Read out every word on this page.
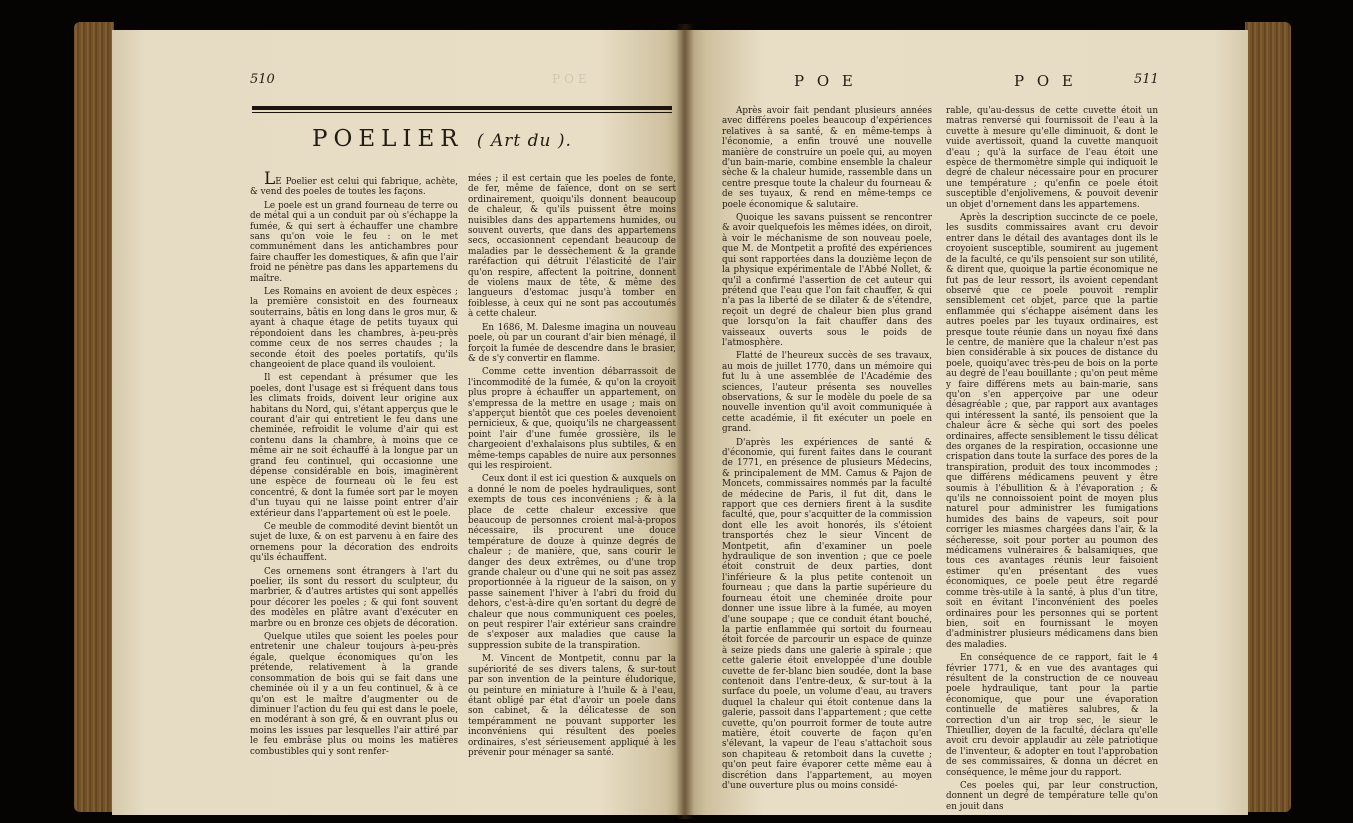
510	POE
POELIER ( Art du ).

LE Poelier est celui qui fabrique, achète, & vend des poeles de toutes les façons.

Le poele est un grand fourneau de terre ou de métal qui a un conduit par où s'échappe la fumée, & qui sert à échauffer une chambre sans qu'on voie le feu : on le met communément dans les antichambres pour faire chauffer les domestiques, & afin que l'air froid ne pénètre pas dans les appartemens du maître.

Les Romains en avoient de deux espèces ; la première consistoit en des fourneaux souterrains, bâtis en long dans le gros mur, & ayant à chaque étage de petits tuyaux qui répondoient dans les chambres, à-peu-près comme ceux de nos serres chaudes ; la seconde étoit des poeles portatifs, qu'ils changeoient de place quand ils vouloient.

Il est cependant à présumer que les poeles, dont l'usage est si fréquent dans tous les climats froids, doivent leur origine aux habitans du Nord, qui, s'étant apperçus que le courant d'air qui entretient le feu dans une cheminée, refroidit le volume d'air qui est contenu dans la chambre, à moins que ce même air ne soit échauffé à la longue par un grand feu continuel, qui occasionne une dépense considérable en bois, imaginèrent une espèce de fourneau où le feu est concentré, & dont la fumée sort par le moyen d'un tuyau qui ne laisse point entrer d'air extérieur dans l'appartement où est le poele.

Ce meuble de commodité devint bientôt un sujet de luxe, & on est parvenu à en faire des ornemens pour la décoration des endroits qu'ils échauffent.

Ces ornemens sont étrangers à l'art du poelier, ils sont du ressort du sculpteur, du marbrier, & d'autres artistes qui sont appellés pour décorer les poeles ; & qui font souvent des modèles en plâtre avant d'exécuter en marbre ou en bronze ces objets de décoration.

Quelque utiles que soient les poeles pour entretenir une chaleur toujours à-peu-près égale, quelque économiques qu'on les prétende, relativement à la grande consommation de bois qui se fait dans une cheminée où il y a un feu continuel, & à ce qu'on est le maître d'augmenter ou de diminuer l'action du feu qui est dans le poele, en modérant à son gré, & en ouvrant plus ou moins les issues par lesquelles l'air attiré par le feu embrâse plus ou moins les matières combustibles qui y sont renfer-

mées ; il est certain que les poeles de fonte, de fer, même de faïence, dont on se sert ordinairement, quoiqu'ils donnent beaucoup de chaleur, & qu'ils puissent être moins nuisibles dans des appartemens humides, ou souvent ouverts, que dans des appartemens secs, occasionnent cependant beaucoup de maladies par le dessèchement & la grande raréfaction qui détruit l'élasticité de l'air qu'on respire, affectent la poitrine, donnent de violens maux de tête, & même des langueurs d'estomac jusqu'à tomber en foiblesse, à ceux qui ne sont pas accoutumés à cette chaleur.

En 1686, M. Dalesme imagina un nouveau poele, où par un courant d'air bien ménagé, il forçoit la fumée de descendre dans le brasier, & de s'y convertir en flamme.

Comme cette invention débarrassoit de l'incommodité de la fumée, & qu'on la croyoit plus propre à échauffer un appartement, on s'empressa de la mettre en usage ; mais on s'apperçut bientôt que ces poeles devenoient pernicieux, & que, quoiqu'ils ne chargeassent point l'air d'une fumée grossière, ils le chargeoient d'exhalaisons plus subtiles, & en même-temps capables de nuire aux personnes qui les respiroient.

Ceux dont il est ici question & auxquels on a donné le nom de poeles hydrauliques, sont exempts de tous ces inconvéniens ; & à la place de cette chaleur excessive que beaucoup de personnes croient mal-à-propos nécessaire, ils procurent une douce température de douze à quinze degrés de chaleur ; de manière, que, sans courir le danger des deux extrêmes, ou d'une trop grande chaleur ou d'une qui ne soit pas assez proportionnée à la rigueur de la saison, on y passe sainement l'hiver à l'abri du froid du dehors, c'est-à-dire qu'en sortant du degré de chaleur que nous communiquent ces poeles, on peut respirer l'air extérieur sans craindre de s'exposer aux maladies que cause la suppression subite de la transpiration.

M. Vincent de Montpetit, connu par la supériorité de ses divers talens, & sur-tout par son invention de la peinture éludorique, ou peinture en miniature à l'huile & à l'eau, étant obligé par état d'avoir un poele dans son cabinet, & la délicatesse de son tempéramment ne pouvant supporter les inconvéniens qui résultent des poeles ordinaires, s'est sérieusement appliqué à les prévenir pour ménager sa santé.

P O E	P O E	511

Après avoir fait pendant plusieurs années avec différens poeles beaucoup d'expériences relatives à sa santé, & en même-temps à l'économie, a enfin trouvé une nouvelle manière de construire un poele qui, au moyen d'un bain-marie, combine ensemble la chaleur sèche & la chaleur humide, rassemble dans un centre presque toute la chaleur du fourneau & de ses tuyaux, & rend en même-temps ce poele économique & salutaire.

Quoique les savans puissent se rencontrer & avoir quelquefois les mêmes idées, on diroit, à voir le méchanisme de son nouveau poele, que M. de Montpetit a profité des expériences qui sont rapportées dans la douzième leçon de la physique expérimentale de l'Abbé Nollet, & qu'il a confirmé l'assertion de cet auteur qui prétend que l'eau que l'on fait chauffer, & qui n'a pas la liberté de se dilater & de s'étendre, reçoit un degré de chaleur bien plus grand que lorsqu'on la fait chauffer dans des vaisseaux ouverts sous le poids de l'atmosphère.

Flatté de l'heureux succès de ses travaux, au mois de juillet 1770, dans un mémoire qui fut lu à une assemblée de l'Académie des sciences, l'auteur présenta ses nouvelles observations, & sur le modèle du poele de sa nouvelle invention qu'il avoit communiquée à cette académie, il fit exécuter un poele en grand.

D'après les expériences de santé & d'économie, qui furent faites dans le courant de 1771, en présence de plusieurs Médecins, & principalement de MM. Camus & Pajon de Moncets, commissaires nommés par la faculté de médecine de Paris, il fut dit, dans le rapport que ces derniers firent à la susdite faculté, que, pour s'acquitter de la commission dont elle les avoit honorés, ils s'étoient transportés chez le sieur Vincent de Montpetit, afin d'examiner un poele hydraulique de son invention ; que ce poele étoit construit de deux parties, dont l'inférieure & la plus petite contenoit un fourneau ; que dans la partie supérieure du fourneau étoit une cheminée droite pour donner une issue libre à la fumée, au moyen d'une soupape ; que ce conduit étant bouché, la partie enflammée qui sortoit du fourneau étoit forcée de parcourir un espace de quinze à seize pieds dans une galerie à spirale ; que cette galerie étoit enveloppée d'une double cuvette de fer-blanc bien soudée, dont la base contenoit dans l'entre-deux, & sur-tout à la surface du poele, un volume d'eau, au travers duquel la chaleur qui étoit contenue dans la galerie, passoit dans l'appartement ; que cette cuvette, qu'on pourroit former de toute autre matière, étoit couverte de façon qu'en s'élevant, la vapeur de l'eau s'attachoit sous son chapiteau & retomboit dans la cuvette ; qu'on peut faire évaporer cette même eau à discrétion dans l'appartement, au moyen d'une ouverture plus ou moins considé-

rable, qu'au-dessus de cette cuvette étoit un matras renversé qui fournissoit de l'eau à la cuvette à mesure qu'elle diminuoit, & dont le vuide avertissoit, quand la cuvette manquoit d'eau ; qu'à la surface de l'eau étoit une espèce de thermomètre simple qui indiquoit le degré de chaleur nécessaire pour en procurer une température ; qu'enfin ce poele étoit susceptible d'enjolivemens, & pouvoit devenir un objet d'ornement dans les appartemens.

Après la description succincte de ce poele, les susdits commissaires avant cru devoir entrer dans le détail des avantages dont ils le croyoient susceptible, soumirent au jugement de la faculté, ce qu'ils pensoient sur son utilité, & dirent que, quoique la partie économique ne fut pas de leur ressort, ils avoient cependant observé que ce poele pouvoit remplir sensiblement cet objet, parce que la partie enflammée qui s'échappe aisément dans les autres poeles par les tuyaux ordinaires, est presque toute réunie dans un noyau fixé dans le centre, de manière que la chaleur n'est pas bien considérable à six pouces de distance du poele, quoiqu'avec très-peu de bois on la porte au degré de l'eau bouillante ; qu'on peut même y faire différens mets au bain-marie, sans qu'on s'en apperçoive par une odeur désagréable ; que, par rapport aux avantages qui intéressent la santé, ils pensoient que la chaleur âcre & sèche qui sort des poeles ordinaires, affecte sensiblement le tissu délicat des organes de la respiration, occasionne une crispation dans toute la surface des pores de la transpiration, produit des toux incommodes ; que différens médicamens peuvent y être soumis à l'ébullition & à l'évaporation ; & qu'ils ne connoissoient point de moyen plus naturel pour administrer les fumigations humides des bains de vapeurs, soit pour corriger les miasmes chargées dans l'air, & la sécheresse, soit pour porter au poumon des médicamens vulnéraires & balsamiques, que tous ces avantages réunis leur faisoient estimer qu'en présentant des vues économiques, ce poele peut être regardé comme très-utile à la santé, à plus d'un titre, soit en évitant l'inconvénient des poeles ordinaires pour les personnes qui se portent bien, soit en fournissant le moyen d'administrer plusieurs médicamens dans bien des maladies.

En conséquence de ce rapport, fait le 4 février 1771, & en vue des avantages qui résultent de la construction de ce nouveau poele hydraulique, tant pour la partie économique, que pour une évaporation continuelle de matières salubres, & la correction d'un air trop sec, le sieur le Thieullier, doyen de la faculté, déclara qu'elle avoit cru devoir applaudir au zèle patriotique de l'inventeur, & adopter en tout l'approbation de ses commissaires, & donna un décret en conséquence, le même jour du rapport.

Ces poeles qui, par leur construction, donnent un degré de température telle qu'on en jouit dans
